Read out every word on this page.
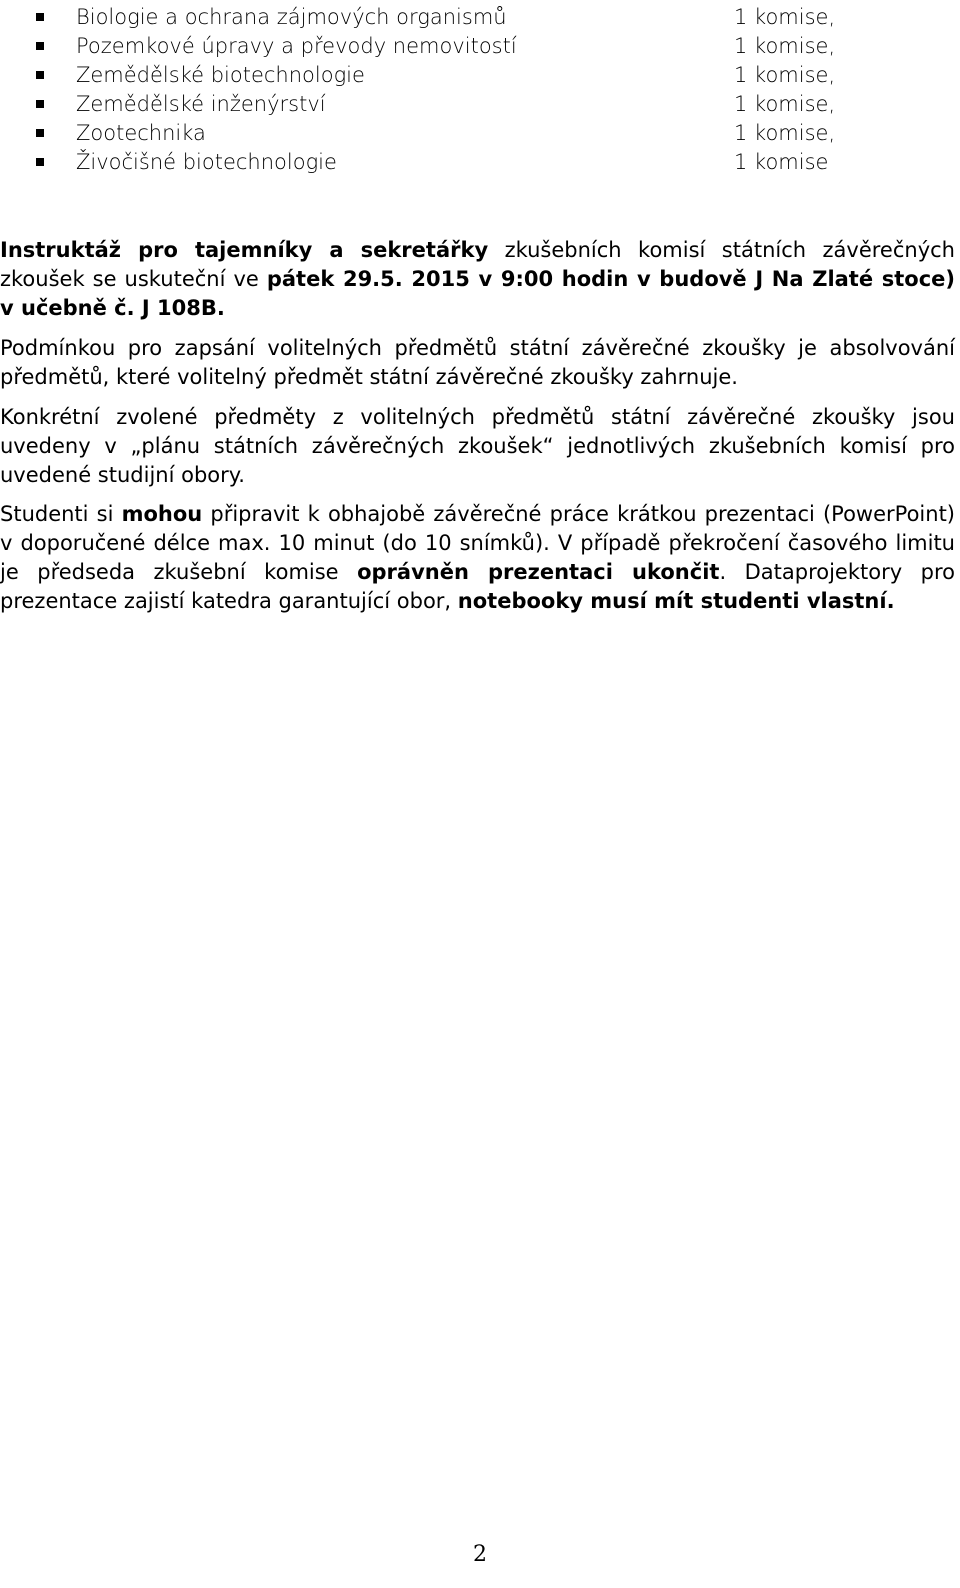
Biologie a ochrana zájmových organismů	1 komise,
Pozemkové úpravy a převody nemovitostí	1 komise,
Zemědělské biotechnologie	1 komise,
Zemědělské inženýrství	1 komise,
Zootechnika	1 komise,
Živočišné biotechnologie	1 komise

Instruktáž pro tajemníky a sekretářky zkušebních komisí státních závěrečných zkoušek se uskuteční ve pátek 29.5. 2015 v 9:00 hodin v budově J Na Zlaté stoce) v učebně č. J 108B.

Podmínkou pro zapsání volitelných předmětů státní závěrečné zkoušky je absolvování předmětů, které volitelný předmět státní závěrečné zkoušky zahrnuje.

Konkrétní zvolené předměty z volitelných předmětů státní závěrečné zkoušky jsou uvedeny v „plánu státních závěrečných zkoušek“ jednotlivých zkušebních komisí pro uvedené studijní obory.

Studenti si mohou připravit k obhajobě závěrečné práce krátkou prezentaci (PowerPoint) v doporučené délce max. 10 minut (do 10 snímků). V případě překročení časového limitu je předseda zkušební komise oprávněn prezentaci ukončit. Dataprojektory pro prezentace zajistí katedra garantující obor, notebooky musí mít studenti vlastní.

2
